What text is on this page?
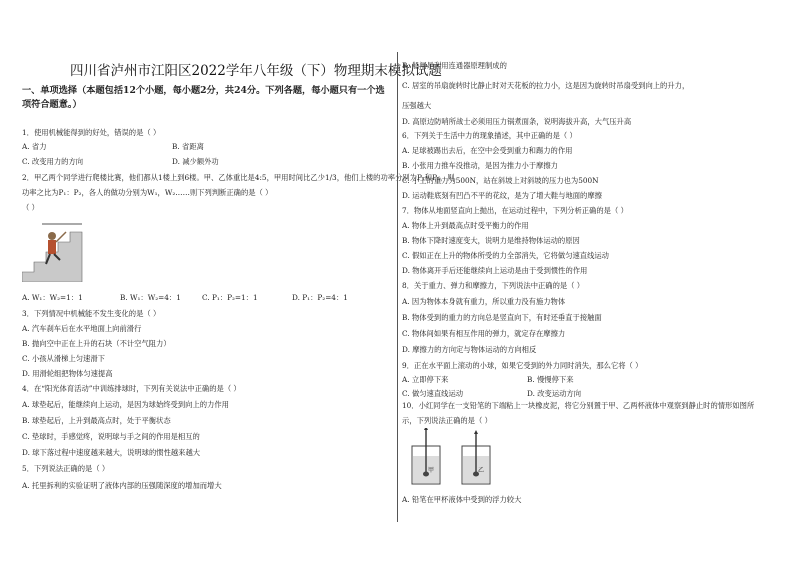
四川省泸州市江阳区2022学年八年级（下）物理期末模拟试题
一、单项选择（本题包括12个小题，每小题2分，共24分。下列各题，每小题只有一个选项符合题意。）
1．使用机械能得到的好处，错误的是（ ）
2．甲乙两个同学进行爬楼比赛，他们都从1楼上到6楼。甲、乙体重比是4:5，甲用时间比乙少1/3，他们上楼的功率分别为P₁和P₂，则
功率之比为P₁：P₂，各人的做功分别为W₁，W₂……则下列判断正确的是（ ）
（ ）
3．下列情况中机械能不发生变化的是（ ）
A. 汽车刹车后在水平地面上向前滑行
B. 抛向空中正在上升的石块（不计空气阻力）
C. 小孩从滑梯上匀速滑下
D. 用滑轮组把物体匀速提高
4．在“阳光体育活动”中训练排球时，下列有关说法中正确的是（ ）
A. 球垫起后，能继续向上运动，是因为球始终受到向上的力作用
B. 球垫起后，上升到最高点时，处于平衡状态
C. 垫球时，手感觉疼，说明球与手之间的作用是相互的
D. 球下落过程中速度越来越大，说明球的惯性越来越大
5．下列说法正确的是（ ）
A. 托里拆利的实验证明了液体内部的压强随深度的增加而增大
A. 省力	B. 省距离
C. 改变用力的方向	D. 减少额外功
A. W₁：W₂=1：1	B. W₁：W₂=4：1	C. P₁：P₂=1：1	D. P₁：P₂=4：1
B. 船闸是利用连通器原理制成的
C. 居室的吊扇旋转时比静止时对天花板的拉力小，这是因为旋转时吊扇受到向上的升力，
压强越大
D. 高原边防哨所战士必须用压力锅煮面条，说明海拔升高，大气压升高
6．下列关于生活中力的现象描述，其中正确的是（ ）
A. 足球被踢出去后，在空中会受到重力和踢力的作用
B. 小张用力推车没推动，是因为推力小于摩擦力
C. 小王的重力为500N，站在斜坡上对斜坡的压力也为500N
D. 运动鞋底刻有凹凸不平的花纹，是为了增大鞋与地面的摩擦
7．物体从地面竖直向上抛出，在运动过程中，下列分析正确的是（ ）
A. 物体上升到最高点时受平衡力的作用
B. 物体下降时速度变大，说明力是维持物体运动的原因
C. 假如正在上升的物体所受的力全部消失，它将做匀速直线运动
D. 物体离开手后还能继续向上运动是由于受到惯性的作用
8．关于重力、弹力和摩擦力，下列说法中正确的是（ ）
A. 因为物体本身就有重力，所以重力没有施力物体
B. 物体受到的重力的方向总是竖直向下，有时还垂直于接触面
C. 物体间如果有相互作用的弹力，就定存在摩擦力
D. 摩擦力的方向定与物体运动的方向相反
9．正在水平面上滚动的小球，如果它受到的外力同时消失，那么它将（ ）
10．小红同学在一支铅笔的下端粘上一块橡皮泥，将它分别置于甲、乙两杯液体中观察到静止时的情形如图所
示，下列说法正确的是（ ）
A. 铅笔在甲杯液体中受到的浮力较大
A. 立即停下来	B. 慢慢停下来
C. 做匀速直线运动	D. 改变运动方向
甲	乙
